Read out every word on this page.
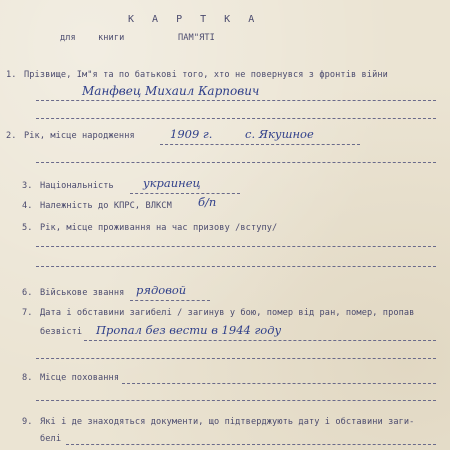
К А Р Т К А
для	книги	ПАМ"ЯТІ
1. Прізвище, Ім"я та по батькові того, хто не повернувся з фронтів війни
Манфвец Михаил Карпович
2. Рік, місце народження	1909 г.	с. Якушное
3. Національність	украинец
4. Належність до КПРС, ВЛКСМ б/п
5. Рік, місце проживання на час призову /вступу/
6. Військове звання рядовой
7. Дата і обставини загибелі / загинув у бою, помер від ран, помер, пропав
безвісті Пропал без вести в 1944 году
8. Місце поховання
9. Які і де знаходяться документи, що підтверджують дату і обставини заги-
белі
